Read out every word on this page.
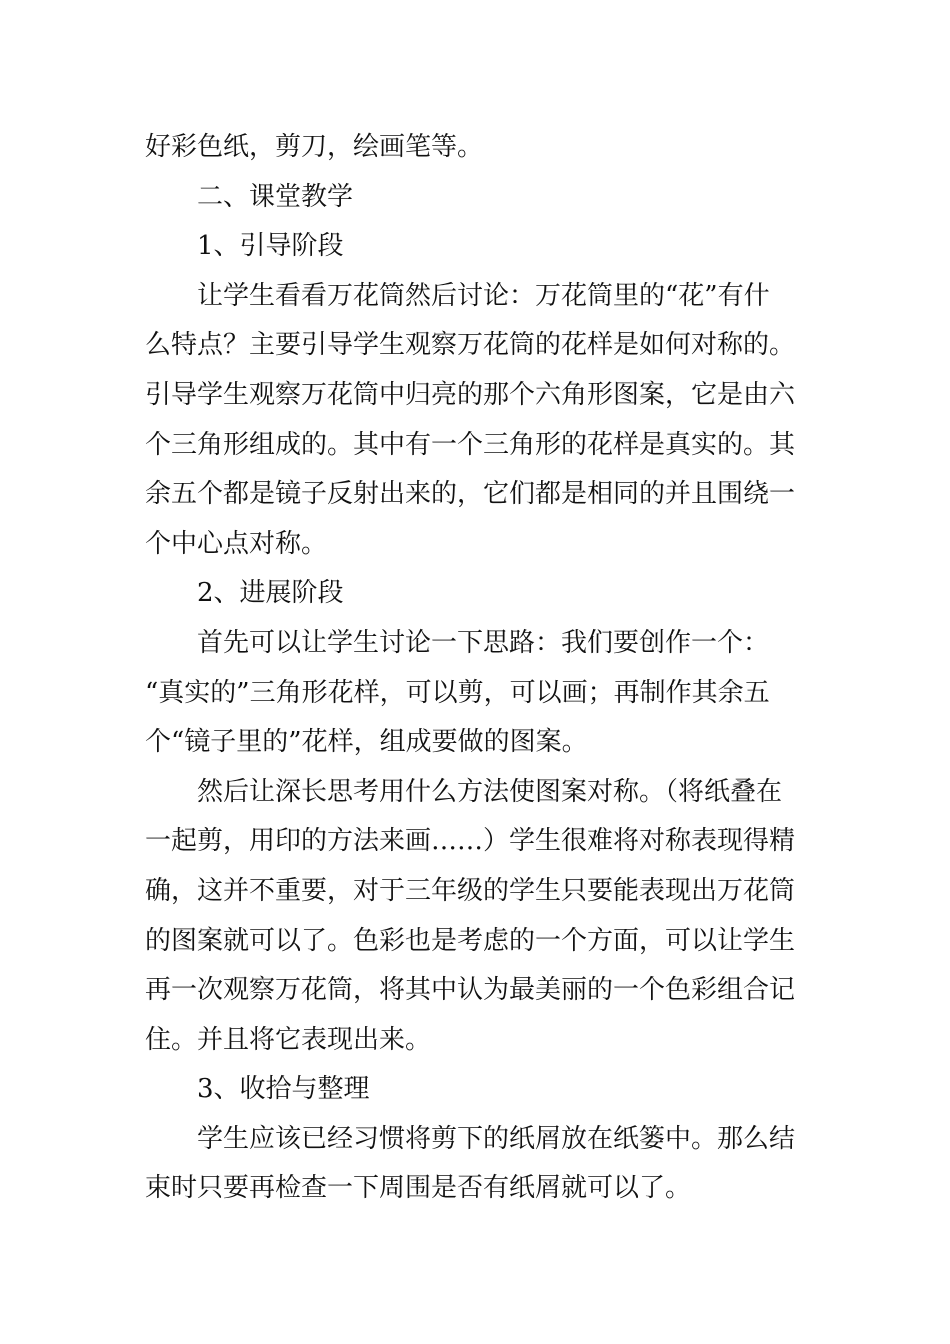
好彩色纸，剪刀，绘画笔等。
二、课堂教学
1、引导阶段
让学生看看万花筒然后讨论：万花筒里的“花”有什
么特点？主要引导学生观察万花筒的花样是如何对称的。
引导学生观察万花筒中归亮的那个六角形图案，它是由六
个三角形组成的。其中有一个三角形的花样是真实的。其
余五个都是镜子反射出来的，它们都是相同的并且围绕一
个中心点对称。
2、进展阶段
首先可以让学生讨论一下思路：我们要创作一个：
“真实的”三角形花样，可以剪，可以画；再制作其余五
个“镜子里的”花样，组成要做的图案。
然后让深长思考用什么方法使图案对称。（将纸叠在
一起剪，用印的方法来画……）学生很难将对称表现得精
确，这并不重要，对于三年级的学生只要能表现出万花筒
的图案就可以了。色彩也是考虑的一个方面，可以让学生
再一次观察万花筒，将其中认为最美丽的一个色彩组合记
住。并且将它表现出来。
3、收拾与整理
学生应该已经习惯将剪下的纸屑放在纸篓中。那么结
束时只要再检查一下周围是否有纸屑就可以了。
